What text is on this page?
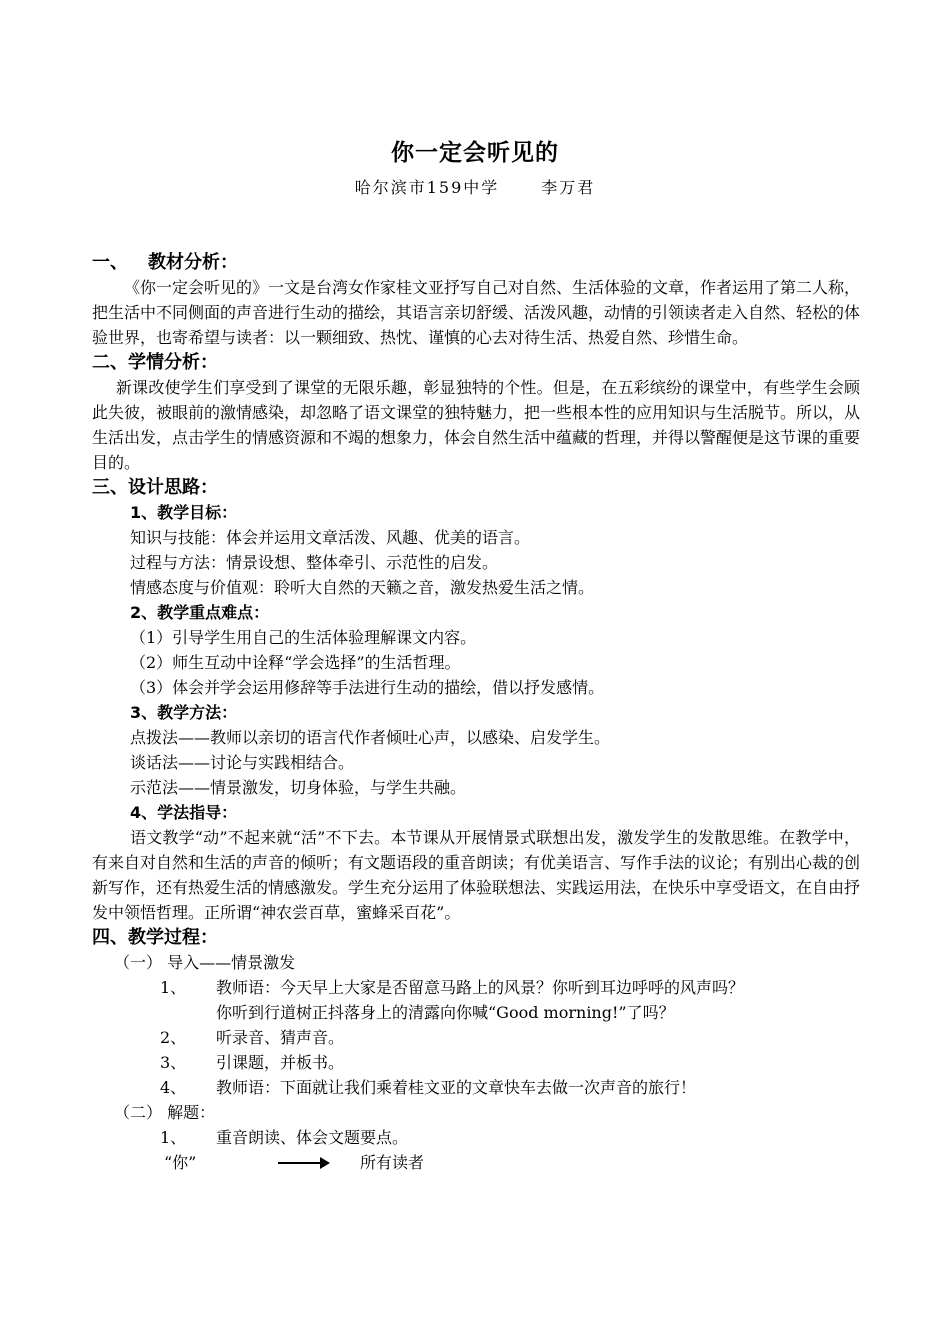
你一定会听见的
哈尔滨市159中学	李万君
一、 教材分析：
《你一定会听见的》一文是台湾女作家桂文亚抒写自己对自然、生活体验的文章，作者运用了第二人称，把生活中不同侧面的声音进行生动的描绘，其语言亲切舒缓、活泼风趣，动情的引领读者走入自然、轻松的体验世界，也寄希望与读者：以一颗细致、热忱、谨慎的心去对待生活、热爱自然、珍惜生命。
二、学情分析：
新课改使学生们享受到了课堂的无限乐趣，彰显独特的个性。但是，在五彩缤纷的课堂中，有些学生会顾此失彼，被眼前的激情感染，却忽略了语文课堂的独特魅力，把一些根本性的应用知识与生活脱节。所以，从生活出发，点击学生的情感资源和不竭的想象力，体会自然生活中蕴藏的哲理，并得以警醒便是这节课的重要目的。
三、设计思路：
1、教学目标：
知识与技能：体会并运用文章活泼、风趣、优美的语言。
过程与方法：情景设想、整体牵引、示范性的启发。
情感态度与价值观：聆听大自然的天籁之音，激发热爱生活之情。
2、教学重点难点：
（1）引导学生用自己的生活体验理解课文内容。
（2）师生互动中诠释“学会选择”的生活哲理。
（3）体会并学会运用修辞等手法进行生动的描绘，借以抒发感情。
3、教学方法：
点拨法——教师以亲切的语言代作者倾吐心声，以感染、启发学生。
谈话法——讨论与实践相结合。
示范法——情景激发，切身体验，与学生共融。
4、学法指导：
语文教学“动”不起来就“活”不下去。本节课从开展情景式联想出发，激发学生的发散思维。在教学中，有来自对自然和生活的声音的倾听；有文题语段的重音朗读；有优美语言、写作手法的议论；有别出心裁的创新写作，还有热爱生活的情感激发。学生充分运用了体验联想法、实践运用法，在快乐中享受语文，在自由抒发中领悟哲理。正所谓“神农尝百草，蜜蜂采百花”。
四、教学过程：
（一） 导入——情景激发
1、 教师语：今天早上大家是否留意马路上的风景？你听到耳边呼呼的风声吗？
你听到行道树正抖落身上的清露向你喊“Good morning!”了吗？
2、 听录音、猜声音。
3、 引课题，并板书。
4、 教师语：下面就让我们乘着桂文亚的文章快车去做一次声音的旅行！
（二） 解题：
1、 重音朗读、体会文题要点。
“你”	所有读者
